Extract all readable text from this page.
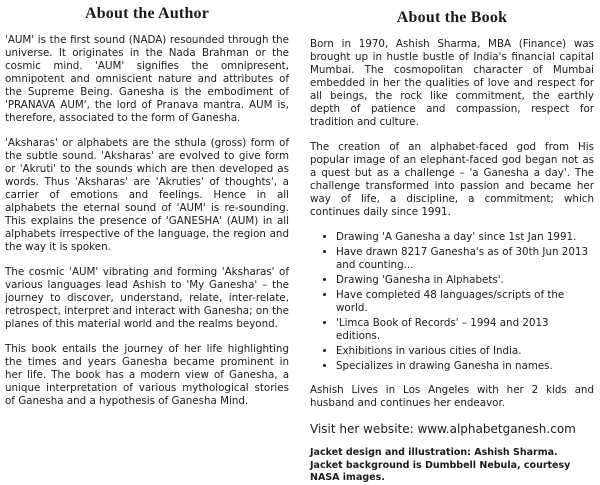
About the Author

'AUM' is the first sound (NADA) resounded through the universe. It originates in the Nada Brahman or the cosmic mind. 'AUM' signifies the omnipresent, omnipotent and omniscient nature and attributes of the Supreme Being. Ganesha is the embodiment of 'PRANAVA AUM', the lord of Pranava mantra. AUM is, therefore, associated to the form of Ganesha.

'Aksharas' or alphabets are the sthula (gross) form of the subtle sound. 'Aksharas' are evolved to give form or 'Akruti' to the sounds which are then developed as words. Thus 'Aksharas' are 'Akruties' of thoughts', a carrier of emotions and feelings. Hence in all alphabets the eternal sound of 'AUM' is re-sounding. This explains the presence of 'GANESHA' (AUM) in all alphabets irrespective of the language, the region and the way it is spoken.

The cosmic 'AUM' vibrating and forming 'Aksharas' of various languages lead Ashish to 'My Ganesha' – the journey to discover, understand, relate, inter-relate, retrospect, interpret and interact with Ganesha; on the planes of this material world and the realms beyond.

This book entails the journey of her life highlighting the times and years Ganesha became prominent in her life. The book has a modern view of Ganesha, a unique interpretation of various mythological stories of Ganesha and a hypothesis of Ganesha Mind.

About the Book

Born in 1970, Ashish Sharma, MBA (Finance) was brought up in hustle bustle of India's financial capital Mumbai. The cosmopolitan character of Mumbai embedded in her the qualities of love and respect for all beings, the rock like commitment, the earthly depth of patience and compassion, respect for tradition and culture.

The creation of an alphabet-faced god from His popular image of an elephant-faced god began not as a quest but as a challenge – 'a Ganesha a day'. The challenge transformed into passion and became her way of life, a discipline, a commitment; which continues daily since 1991.

• Drawing 'A Ganesha a day' since 1st Jan 1991.
• Have drawn 8217 Ganesha's as of 30th Jun 2013 and counting...
• Drawing 'Ganesha in Alphabets'.
• Have completed 48 languages/scripts of the world.
• 'Limca Book of Records' – 1994 and 2013 editions.
• Exhibitions in various cities of India.
• Specializes in drawing Ganesha in names.

Ashish Lives in Los Angeles with her 2 kids and husband and continues her endeavor.

Visit her website: www.alphabetganesh.com

Jacket design and illustration: Ashish Sharma.

Jacket background is Dumbbell Nebula, courtesy NASA images.
